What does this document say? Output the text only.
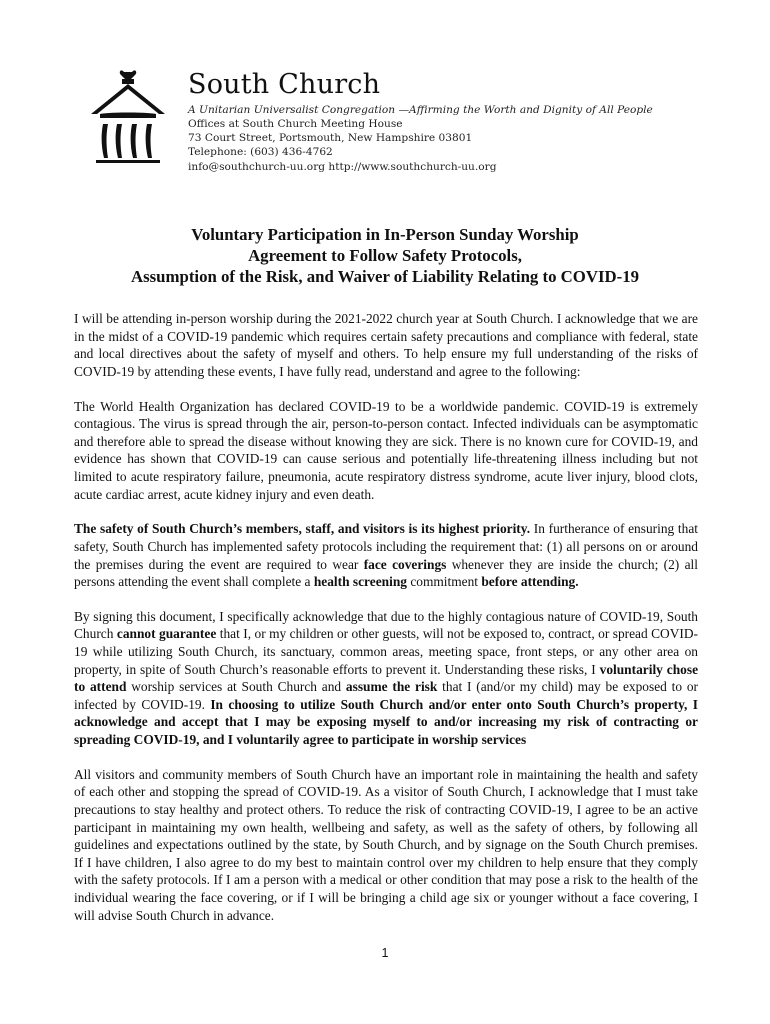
South Church
A Unitarian Universalist Congregation —Affirming the Worth and Dignity of All People
Offices at South Church Meeting House
73 Court Street, Portsmouth, New Hampshire 03801
Telephone: (603) 436-4762
info@southchurch-uu.org http://www.southchurch-uu.org
Voluntary Participation in In-Person Sunday Worship
Agreement to Follow Safety Protocols,
Assumption of the Risk, and Waiver of Liability Relating to COVID-19

I will be attending in-person worship during the 2021-2022 church year at South Church. I acknowledge that we are in the midst of a COVID-19 pandemic which requires certain safety precautions and compliance with federal, state and local directives about the safety of myself and others. To help ensure my full understanding of the risks of COVID-19 by attending these events, I have fully read, understand and agree to the following:

The World Health Organization has declared COVID-19 to be a worldwide pandemic. COVID-19 is extremely contagious. The virus is spread through the air, person-to-person contact. Infected individuals can be asymptomatic and therefore able to spread the disease without knowing they are sick. There is no known cure for COVID-19, and evidence has shown that COVID-19 can cause serious and potentially life-threatening illness including but not limited to acute respiratory failure, pneumonia, acute respiratory distress syndrome, acute liver injury, blood clots, acute cardiac arrest, acute kidney injury and even death.

The safety of South Church’s members, staff, and visitors is its highest priority. In furtherance of ensuring that safety, South Church has implemented safety protocols including the requirement that: (1) all persons on or around the premises during the event are required to wear face coverings whenever they are inside the church; (2) all persons attending the event shall complete a health screening commitment before attending.

By signing this document, I specifically acknowledge that due to the highly contagious nature of COVID-19, South Church cannot guarantee that I, or my children or other guests, will not be exposed to, contract, or spread COVID-19 while utilizing South Church, its sanctuary, common areas, meeting space, front steps, or any other area on property, in spite of South Church’s reasonable efforts to prevent it. Understanding these risks, I voluntarily chose to attend worship services at South Church and assume the risk that I (and/or my child) may be exposed to or infected by COVID-19. In choosing to utilize South Church and/or enter onto South Church’s property, I acknowledge and accept that I may be exposing myself to and/or increasing my risk of contracting or spreading COVID-19, and I voluntarily agree to participate in worship services

All visitors and community members of South Church have an important role in maintaining the health and safety of each other and stopping the spread of COVID-19. As a visitor of South Church, I acknowledge that I must take precautions to stay healthy and protect others. To reduce the risk of contracting COVID-19, I agree to be an active participant in maintaining my own health, wellbeing and safety, as well as the safety of others, by following all guidelines and expectations outlined by the state, by South Church, and by signage on the South Church premises. If I have children, I also agree to do my best to maintain control over my children to help ensure that they comply with the safety protocols. If I am a person with a medical or other condition that may pose a risk to the health of the individual wearing the face covering, or if I will be bringing a child age six or younger without a face covering, I will advise South Church in advance.

1
